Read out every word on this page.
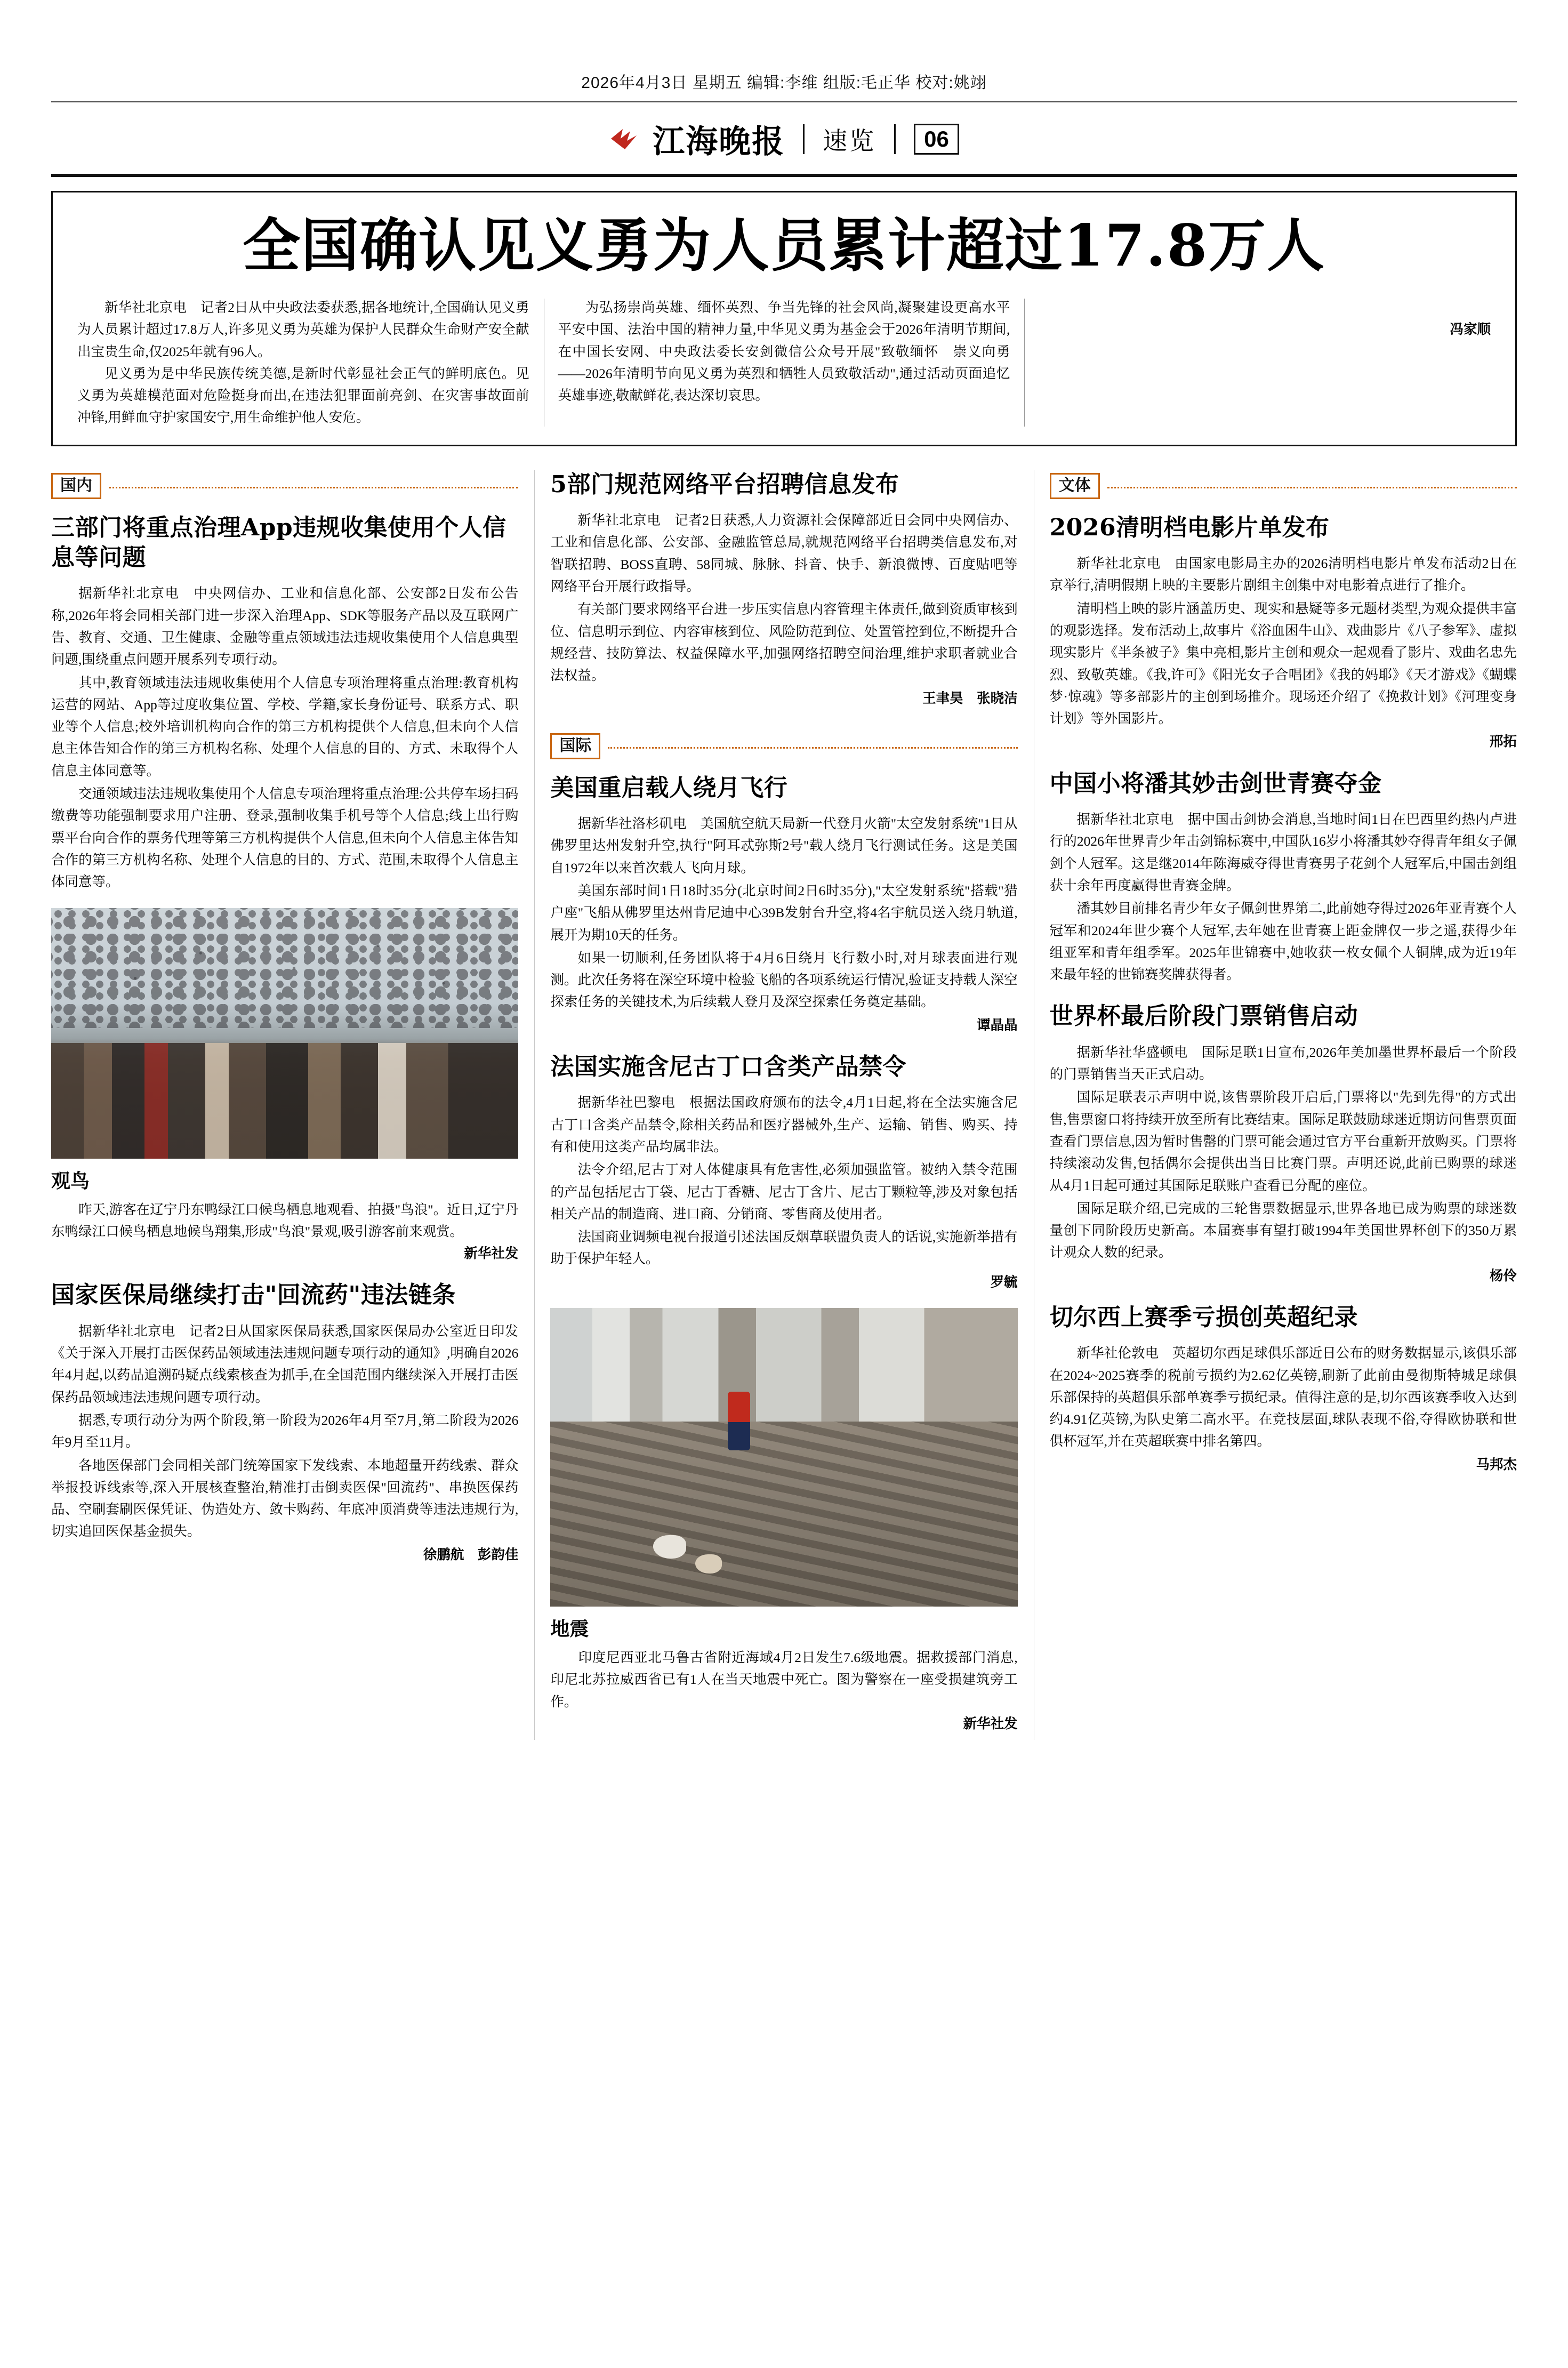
2026年4月3日 星期五 编辑:李维 组版:毛正华 校对:姚翊
江海晚报 速览	06
全国确认见义勇为人员累计超过17.8万人

新华社北京电　记者2日从中央政法委获悉,据各地统计,全国确认见义勇为人员累计超过17.8万人,许多见义勇为英雄为保护人民群众生命财产安全献出宝贵生命,仅2025年就有96人。

见义勇为是中华民族传统美德,是新时代彰显社会正气的鲜明底色。见义勇为英雄模范面对危险挺身而出,在违法犯罪面前亮剑、在灾害事故面前冲锋,用鲜血守护家国安宁,用生命维护他人安危。

为弘扬崇尚英雄、缅怀英烈、争当先锋的社会风尚,凝聚建设更高水平平安中国、法治中国的精神力量,中华见义勇为基金会于2026年清明节期间,在中国长安网、中央政法委长安剑微信公众号开展"致敬缅怀　崇义向勇——2026年清明节向见义勇为英烈和牺牲人员致敬活动",通过活动页面追忆英雄事迹,敬献鲜花,表达深切哀思。

冯家顺

国内
三部门将重点治理App违规收集使用个人信息等问题

据新华社北京电　中央网信办、工业和信息化部、公安部2日发布公告称,2026年将会同相关部门进一步深入治理App、SDK等服务产品以及互联网广告、教育、交通、卫生健康、金融等重点领域违法违规收集使用个人信息典型问题,围绕重点问题开展系列专项行动。

其中,教育领域违法违规收集使用个人信息专项治理将重点治理:教育机构运营的网站、App等过度收集位置、学校、学籍,家长身份证号、联系方式、职业等个人信息;校外培训机构向合作的第三方机构提供个人信息,但未向个人信息主体告知合作的第三方机构名称、处理个人信息的目的、方式、未取得个人信息主体同意等。

交通领域违法违规收集使用个人信息专项治理将重点治理:公共停车场扫码缴费等功能强制要求用户注册、登录,强制收集手机号等个人信息;线上出行购票平台向合作的票务代理等第三方机构提供个人信息,但未向个人信息主体告知合作的第三方机构名称、处理个人信息的目的、方式、范围,未取得个人信息主体同意等。

观鸟

　　昨天,游客在辽宁丹东鸭绿江口候鸟栖息地观看、拍摄"鸟浪"。近日,辽宁丹东鸭绿江口候鸟栖息地候鸟翔集,形成"鸟浪"景观,吸引游客前来观赏。

新华社发

国家医保局继续打击"回流药"违法链条

据新华社北京电　记者2日从国家医保局获悉,国家医保局办公室近日印发《关于深入开展打击医保药品领域违法违规问题专项行动的通知》,明确自2026年4月起,以药品追溯码疑点线索核查为抓手,在全国范围内继续深入开展打击医保药品领域违法违规问题专项行动。

据悉,专项行动分为两个阶段,第一阶段为2026年4月至7月,第二阶段为2026年9月至11月。

各地医保部门会同相关部门统筹国家下发线索、本地超量开药线索、群众举报投诉线索等,深入开展核查整治,精准打击倒卖医保"回流药"、串换医保药品、空刷套刷医保凭证、伪造处方、敛卡购药、年底冲顶消费等违法违规行为,切实追回医保基金损失。

徐鹏航　彭韵佳

5部门规范网络平台招聘信息发布

新华社北京电　记者2日获悉,人力资源社会保障部近日会同中央网信办、工业和信息化部、公安部、金融监管总局,就规范网络平台招聘类信息发布,对智联招聘、BOSS直聘、58同城、脉脉、抖音、快手、新浪微博、百度贴吧等网络平台开展行政指导。

有关部门要求网络平台进一步压实信息内容管理主体责任,做到资质审核到位、信息明示到位、内容审核到位、风险防范到位、处置管控到位,不断提升合规经营、技防算法、权益保障水平,加强网络招聘空间治理,维护求职者就业合法权益。

王聿昊　张晓洁

国际
美国重启载人绕月飞行

据新华社洛杉矶电　美国航空航天局新一代登月火箭"太空发射系统"1日从佛罗里达州发射升空,执行"阿耳忒弥斯2号"载人绕月飞行测试任务。这是美国自1972年以来首次载人飞向月球。

美国东部时间1日18时35分(北京时间2日6时35分),"太空发射系统"搭载"猎户座"飞船从佛罗里达州肯尼迪中心39B发射台升空,将4名宇航员送入绕月轨道,展开为期10天的任务。

如果一切顺利,任务团队将于4月6日绕月飞行数小时,对月球表面进行观测。此次任务将在深空环境中检验飞船的各项系统运行情况,验证支持载人深空探索任务的关键技术,为后续载人登月及深空探索任务奠定基础。

谭晶晶

法国实施含尼古丁口含类产品禁令

据新华社巴黎电　根据法国政府颁布的法令,4月1日起,将在全法实施含尼古丁口含类产品禁令,除相关药品和医疗器械外,生产、运输、销售、购买、持有和使用这类产品均属非法。

法令介绍,尼古丁对人体健康具有危害性,必须加强监管。被纳入禁令范围的产品包括尼古丁袋、尼古丁香糖、尼古丁含片、尼古丁颗粒等,涉及对象包括相关产品的制造商、进口商、分销商、零售商及使用者。

法国商业调频电视台报道引述法国反烟草联盟负责人的话说,实施新举措有助于保护年轻人。

罗毓

地震

　　印度尼西亚北马鲁古省附近海域4月2日发生7.6级地震。据救援部门消息,印尼北苏拉威西省已有1人在当天地震中死亡。图为警察在一座受损建筑旁工作。

新华社发

文体
2026清明档电影片单发布

新华社北京电　由国家电影局主办的2026清明档电影片单发布活动2日在京举行,清明假期上映的主要影片剧组主创集中对电影着点进行了推介。

清明档上映的影片涵盖历史、现实和悬疑等多元题材类型,为观众提供丰富的观影选择。发布活动上,故事片《浴血困牛山》、戏曲影片《八子参军》、虚拟现实影片《半条被子》集中亮相,影片主创和观众一起观看了影片、戏曲名忠先烈、致敬英雄。《我,许可》《阳光女子合唱团》《我的妈耶》《天才游戏》《蝴蝶梦·惊魂》等多部影片的主创到场推介。现场还介绍了《挽救计划》《河理变身计划》等外国影片。

邢拓

中国小将潘其妙击剑世青赛夺金

据新华社北京电　据中国击剑协会消息,当地时间1日在巴西里约热内卢进行的2026年世界青少年击剑锦标赛中,中国队16岁小将潘其妙夺得青年组女子佩剑个人冠军。这是继2014年陈海威夺得世青赛男子花剑个人冠军后,中国击剑组获十余年再度赢得世青赛金牌。

潘其妙目前排名青少年女子佩剑世界第二,此前她夺得过2026年亚青赛个人冠军和2024年世少赛个人冠军,去年她在世青赛上距金牌仅一步之遥,获得少年组亚军和青年组季军。2025年世锦赛中,她收获一枚女佩个人铜牌,成为近19年来最年轻的世锦赛奖牌获得者。

世界杯最后阶段门票销售启动

据新华社华盛顿电　国际足联1日宣布,2026年美加墨世界杯最后一个阶段的门票销售当天正式启动。

国际足联表示声明中说,该售票阶段开启后,门票将以"先到先得"的方式出售,售票窗口将持续开放至所有比赛结束。国际足联鼓励球迷近期访问售票页面查看门票信息,因为暂时售罄的门票可能会通过官方平台重新开放购买。门票将持续滚动发售,包括偶尔会提供出当日比赛门票。声明还说,此前已购票的球迷从4月1日起可通过其国际足联账户查看已分配的座位。

国际足联介绍,已完成的三轮售票数据显示,世界各地已成为购票的球迷数量创下同阶段历史新高。本届赛事有望打破1994年美国世界杯创下的350万累计观众人数的纪录。

杨伶

切尔西上赛季亏损创英超纪录

新华社伦敦电　英超切尔西足球俱乐部近日公布的财务数据显示,该俱乐部在2024~2025赛季的税前亏损约为2.62亿英镑,刷新了此前由曼彻斯特城足球俱乐部保持的英超俱乐部单赛季亏损纪录。值得注意的是,切尔西该赛季收入达到约4.91亿英镑,为队史第二高水平。在竞技层面,球队表现不俗,夺得欧协联和世俱杯冠军,并在英超联赛中排名第四。

马邦杰
